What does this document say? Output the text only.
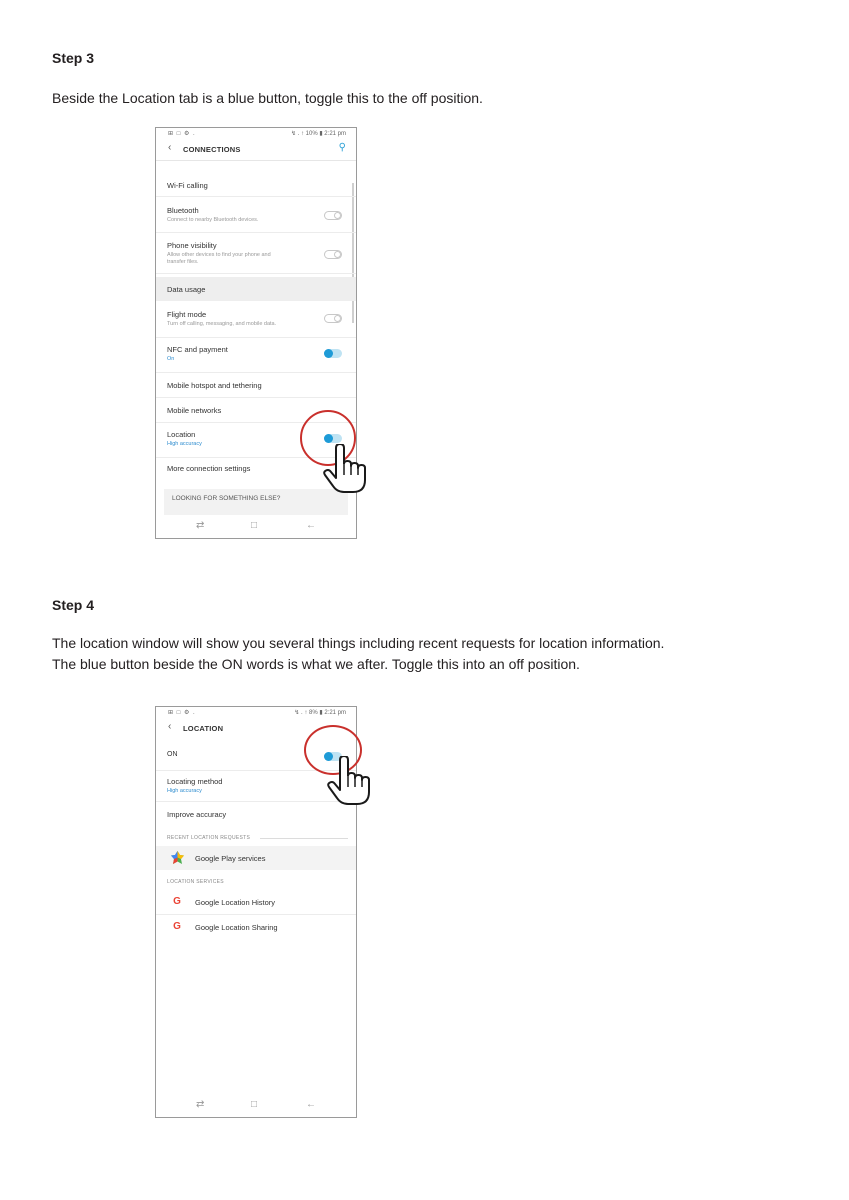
Step 3

Beside the Location tab is a blue button, toggle this to the off position.

⊞ □ ⚙ .	↯ . ↑ 10% ▮ 2:21 pm
‹ CONNECTIONS	⚲
Wi-Fi calling
Bluetooth
Connect to nearby Bluetooth devices.
Phone visibility
Allow other devices to find your phone and
transfer files.
Data usage
Flight mode
Turn off calling, messaging, and mobile data.
NFC and payment
On
Mobile hotspot and tethering
Mobile networks
Location
High accuracy
More connection settings
LOOKING FOR SOMETHING ELSE?
⇄	□	←
Step 4

The location window will show you several things including recent requests for location information.

The blue button beside the ON words is what we after. Toggle this into an off position.

⊞ □ ⚙ .	↯ . ↑ 8% ▮ 2:21 pm
‹ LOCATION
ON
Locating method
High accuracy
Improve accuracy
RECENT LOCATION REQUESTS
Google Play services
LOCATION SERVICES
G Google Location History
G Google Location Sharing
⇄	□	←
